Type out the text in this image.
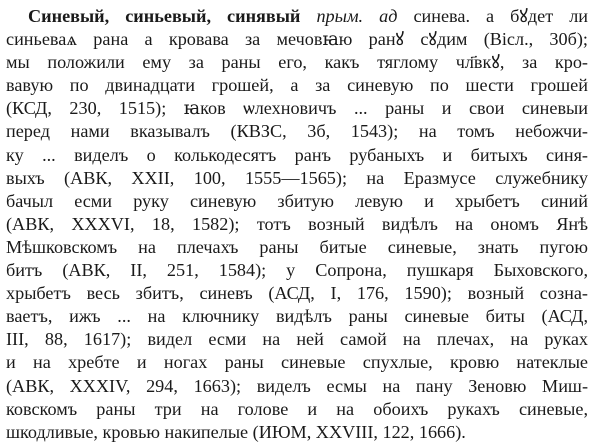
Синевый, синьевый, синявый прым. ад синева. а бꙋдет ли
синьеваѧ рана а кровава за мечовꙗю ранꙋ сꙋдим (Вісл., 30б);
мы положили ему за раны его, какъ тяглому чл҃вкꙋ, за кро-
вавую по двинадцати грошей, а за синевую по шести грошей
(КСД, 230, 1515); ꙗков ѡлехновичъ ... раны и свои синевыи
перед нами вказывалъ (КВЗС, 3б, 1543); на томъ небожчи-
ку ... виделъ о колькодесятъ ранъ рубаныхъ и битыхъ синя-
выхъ (АВК, XXII, 100, 1555—1565); на Еразмусе служебнику
бачыл есми руку синевую збитую левую и хрыбетъ синий
(АВК, XXXVI, 18, 1582); тотъ возный видѣлъ на ономъ Янѣ
Мѣшковскомъ на плечахъ раны битые синевые, знать пугою
битъ (АВК, II, 251, 1584); у Сопрона, пушкаря Быховского,
хрыбетъ весь збитъ, синевъ (АСД, I, 176, 1590); возный созна-
ваетъ, ижъ ... на ключнику видѣлъ раны синевые биты (АСД,
III, 88, 1617); видел есми на ней самой на плечах, на руках
и на хребте и ногах раны синевые спухлые, кровю натеклые
(АВК, XXXIV, 294, 1663); виделъ есмы на пану Зеновю Миш-
ковскомъ раны три на голове и на обоихъ рукахъ синевые,
шкодливые, кровью накипелые (ИЮМ, XXVIII, 122, 1666).
